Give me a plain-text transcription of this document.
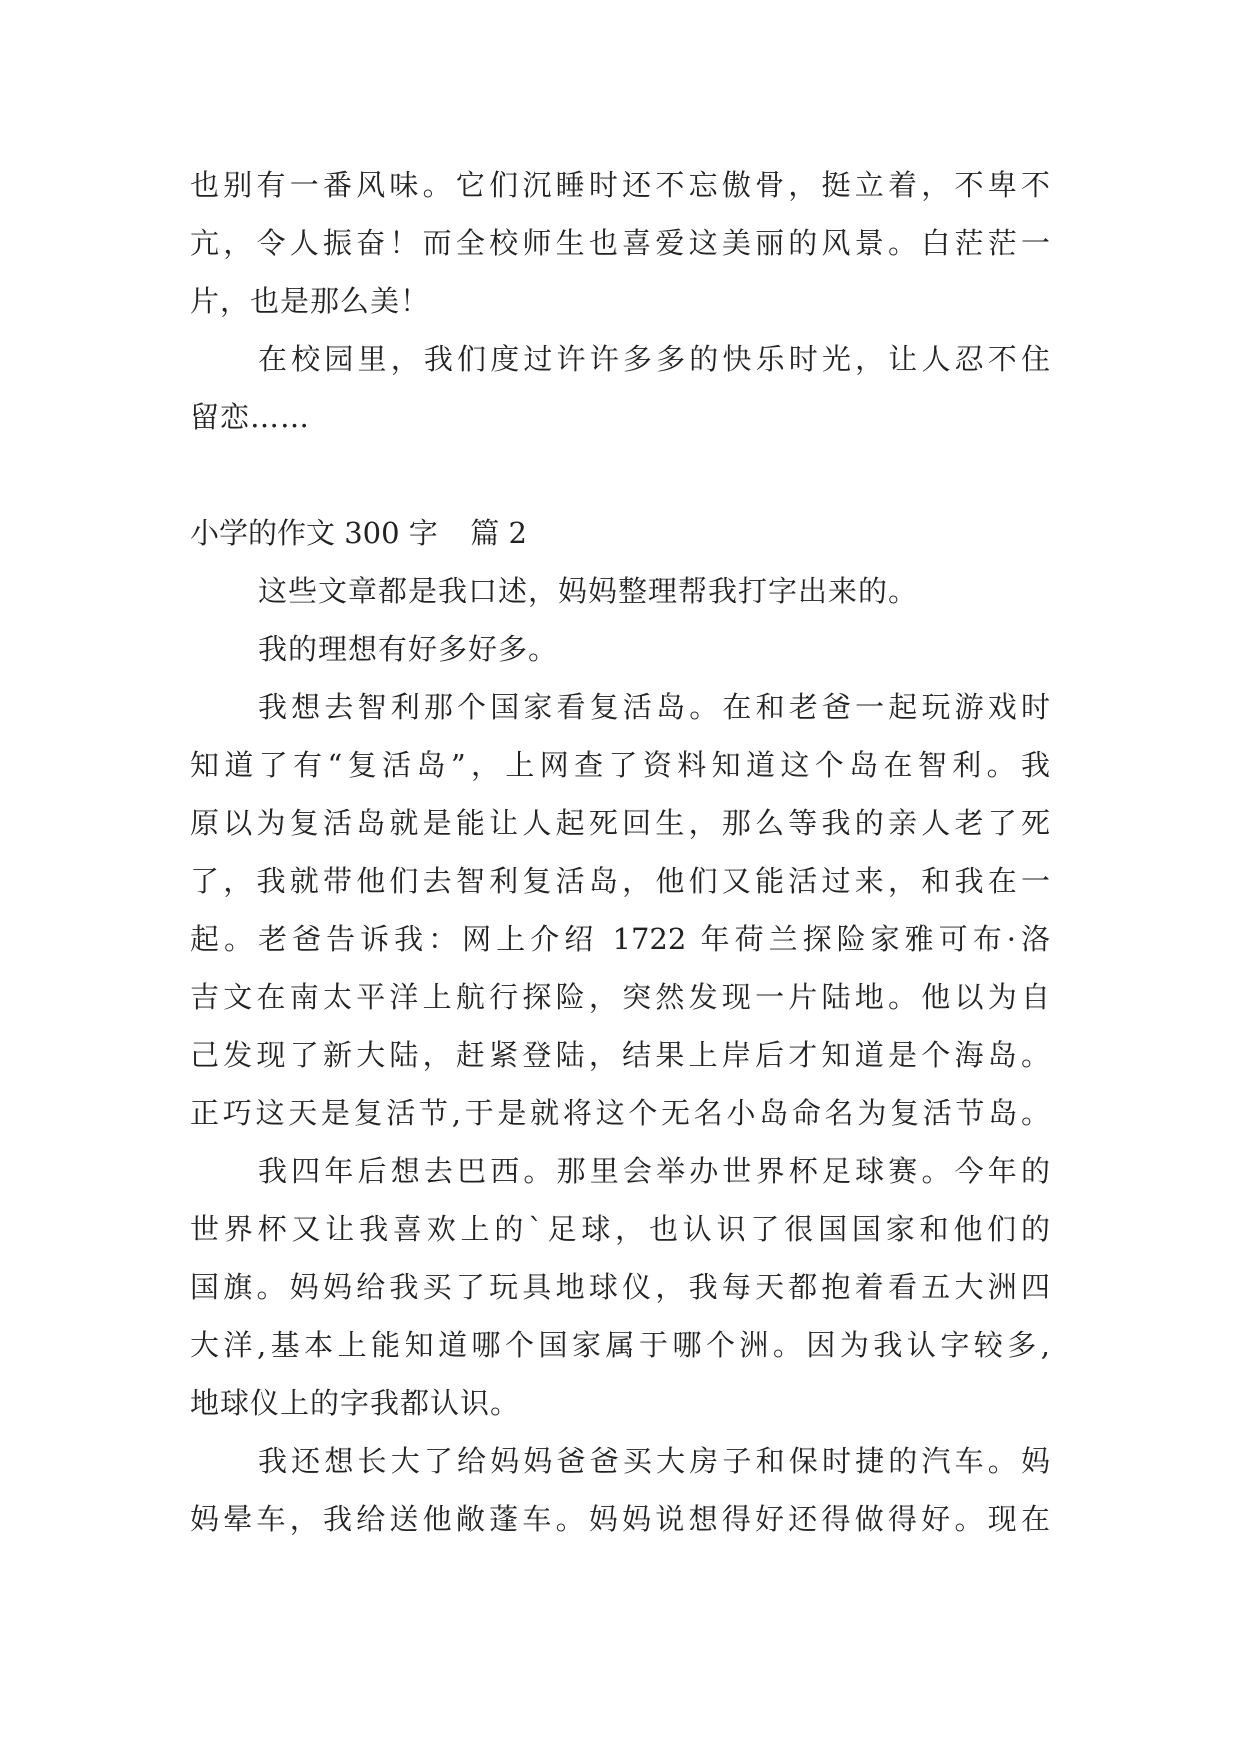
也别有一番风味。它们沉睡时还不忘傲骨，挺立着，不卑不
亢，令人振奋！而全校师生也喜爱这美丽的风景。白茫茫一
片，也是那么美！
在校园里，我们度过许许多多的快乐时光，让人忍不住
留恋……
小学的作文 300 字 篇 2
这些文章都是我口述，妈妈整理帮我打字出来的。
我的理想有好多好多。
我想去智利那个国家看复活岛。在和老爸一起玩游戏时
知道了有“复活岛”，上网查了资料知道这个岛在智利。我
原以为复活岛就是能让人起死回生，那么等我的亲人老了死
了，我就带他们去智利复活岛，他们又能活过来，和我在一
起。老爸告诉我：网上介绍 1722 年荷兰探险家雅可布·洛
吉文在南太平洋上航行探险，突然发现一片陆地。他以为自
己发现了新大陆，赶紧登陆，结果上岸后才知道是个海岛。
正巧这天是复活节,于是就将这个无名小岛命名为复活节岛。
我四年后想去巴西。那里会举办世界杯足球赛。今年的
世界杯又让我喜欢上的`足球，也认识了很国国家和他们的
国旗。妈妈给我买了玩具地球仪，我每天都抱着看五大洲四
大洋,基本上能知道哪个国家属于哪个洲。因为我认字较多,
地球仪上的字我都认识。
我还想长大了给妈妈爸爸买大房子和保时捷的汽车。妈
妈晕车，我给送他敞蓬车。妈妈说想得好还得做得好。现在
